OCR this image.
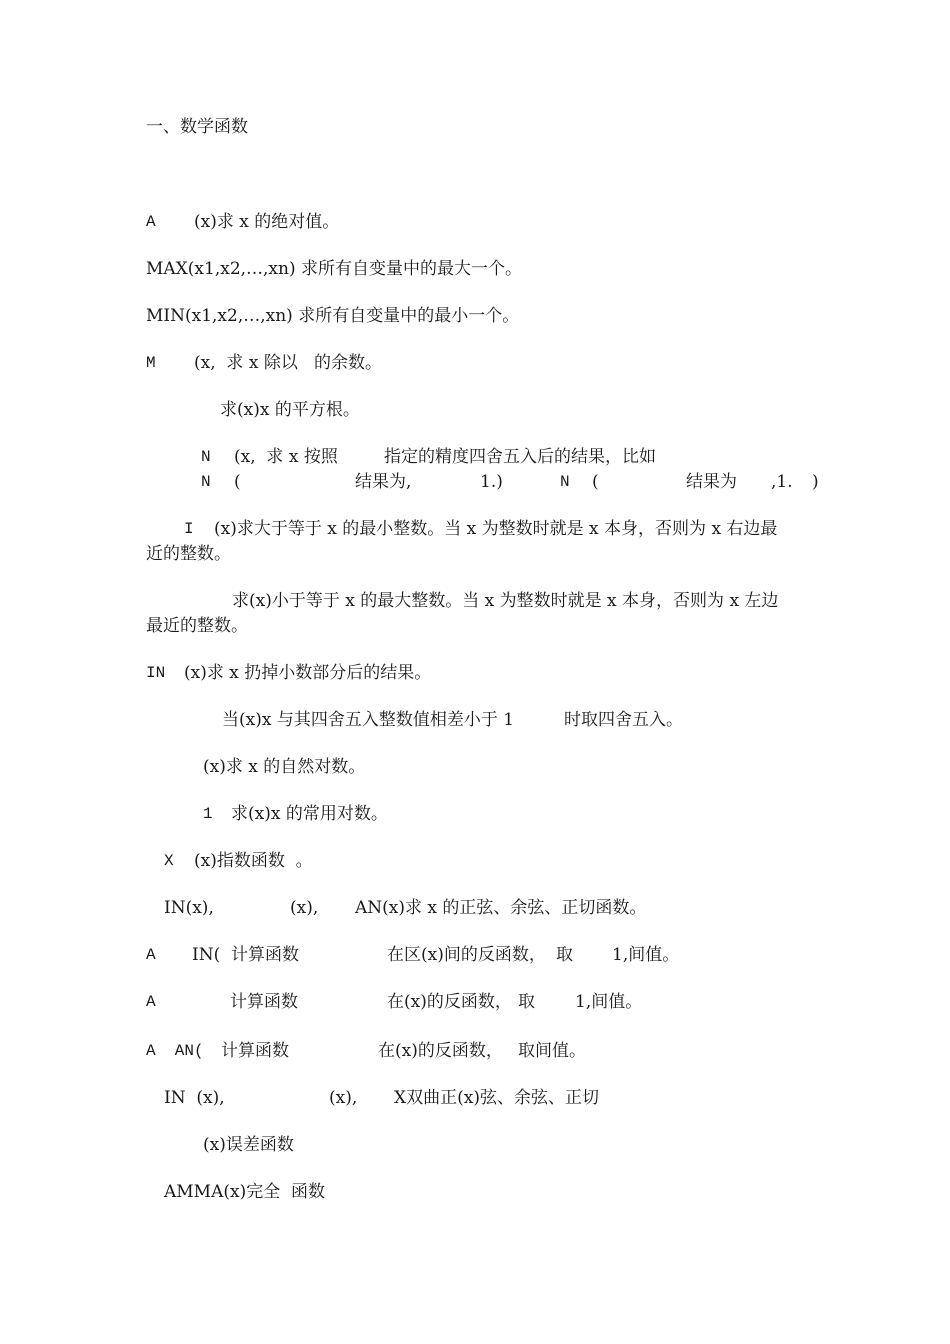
一、数学函数
A (x)求 x 的绝对值。
MAX(x1,x2,…,xn) 求所有自变量中的最大一个。
MIN(x1,x2,…,xn) 求所有自变量中的最小一个。
M (x,  求 x 除以   的余数。
求(x)x 的平方根。
N (x,  求 x 按照	指定的精度四舍五入后的结果，比如
N (	结果为,	1.)	N (	结果为 ,1. )
I (x)求大于等于 x 的最小整数。当 x 为整数时就是 x 本身，否则为 x 右边最
近的整数。
求(x)小于等于 x 的最大整数。当 x 为整数时就是 x 本身，否则为 x 左边
最近的整数。
IN (x)求 x 扔掉小数部分后的结果。
当(x)x 与其四舍五入整数值相差小于 1	时取四舍五入。
(x)求 x 的自然对数。
1 求(x)x 的常用对数。
X (x)指数函数  。
IN(x),	(x), AN(x)求 x 的正弦、余弦、正切函数。
A IN(  计算函数	在区(x)间的反函数， 取 1,间值。
A	计算函数	在(x)的反函数， 取 1,间值。
A  AN( 计算函数	在(x)的反函数， 取间值。
IN  (x),	(x), X双曲正(x)弦、余弦、正切
(x)误差函数
AMMA(x)完全  函数
